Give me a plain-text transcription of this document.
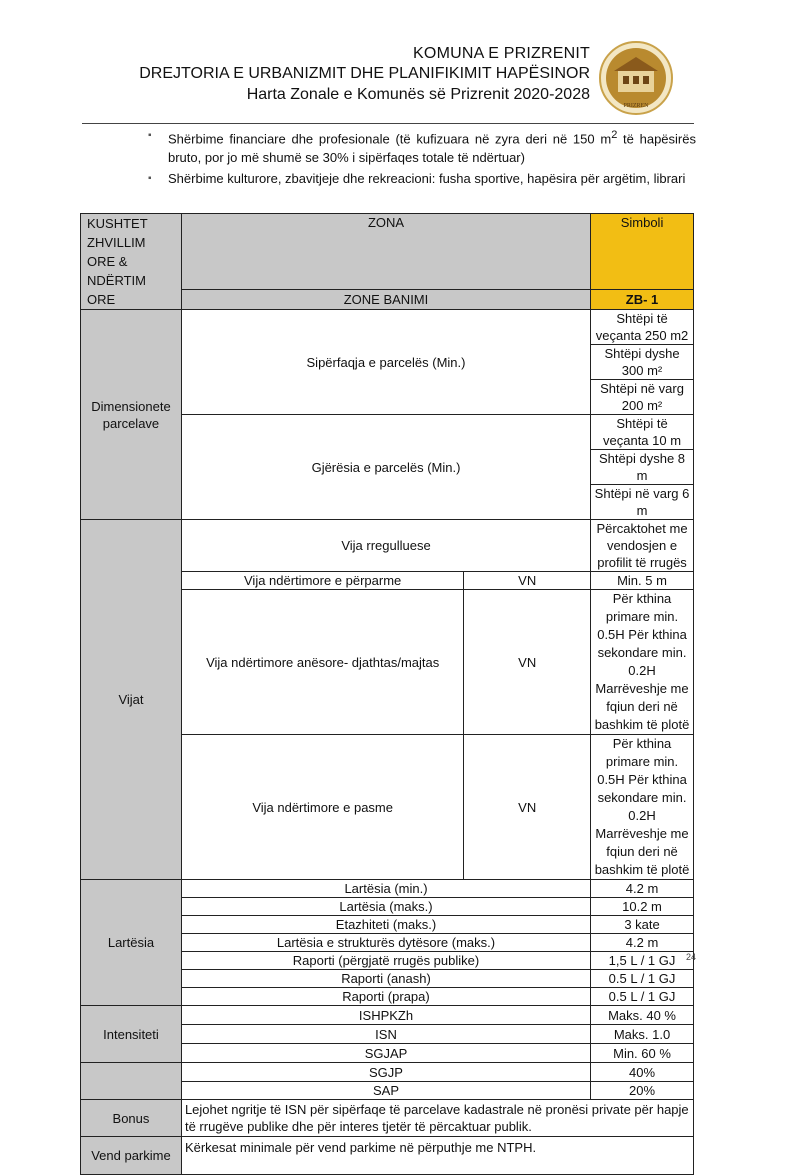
KOMUNA E PRIZRENIT
DREJTORIA E URBANIZMIT DHE PLANIFIKIMIT HAPËSINOR
Harta Zonale e Komunës së Prizrenit 2020-2028
PRIZREN
▪ Shërbime financiare dhe profesionale (të kufizuara në zyra deri në 150 $m^2$ të hapësirës bruto, por jo më shumë se 30% i sipërfaqes totale të ndërtuar)
▪ Shërbime kulturore, zbavitjeje dhe rekreacioni: fusha sportive, hapësira për argëtim, librari
KUSHTET ZHVILLIM ORE & NDËRTIM ORE	ZONA		Simboli
	ZONE BANIMI		ZB- 1
Dimensionete parcelave	Sipërfaqja e parcelës (Min.)		Shtëpi të veçanta 250 m2
			Shtëpi dyshe 300 m²
			Shtëpi në varg 200 m²
	Gjërësia e parcelës (Min.)		Shtëpi të veçanta 10 m
			Shtëpi dyshe 8 m
			Shtëpi në varg 6 m
Vijat	Vija rregulluese		Përcaktohet me vendosjen e profilit të rrugës
	Vija ndërtimore e përparme	VN	Min. 5 m
	Vija ndërtimore anësore- djathtas/majtas	VN	Për kthina primare min. 0.5H Për kthina sekondare min. 0.2H Marrëveshje me fqiun deri në bashkim të plotë
	Vija ndërtimore e pasme	VN	Për kthina primare min. 0.5H Për kthina sekondare min. 0.2H Marrëveshje me fqiun deri në bashkim të plotë
Lartësia	Lartësia (min.)		4.2 m
	Lartësia (maks.)		10.2 m
	Etazhiteti (maks.)		3 kate
	Lartësia e strukturës dytësore (maks.)		4.2 m
	Raporti (përgjatë rrugës publike)		1,5 L / 1 GJ
	Raporti (anash)		0.5 L / 1 GJ
	Raporti (prapa)		0.5 L / 1 GJ
Intensiteti	ISHPKZh		Maks. 40 %
	ISN		Maks. 1.0
	SGJAP		Min. 60 %
	SGJP		40%
	SAP		20%
Bonus	Lejohet ngritje të ISN për sipërfaqe të parcelave kadastrale në pronësi private për hapje të rrugëve publike dhe për interes tjetër të përcaktuar publik.		
Vend parkime	Kërkesat minimale për vend parkime në përputhje me NTPH.		
24
